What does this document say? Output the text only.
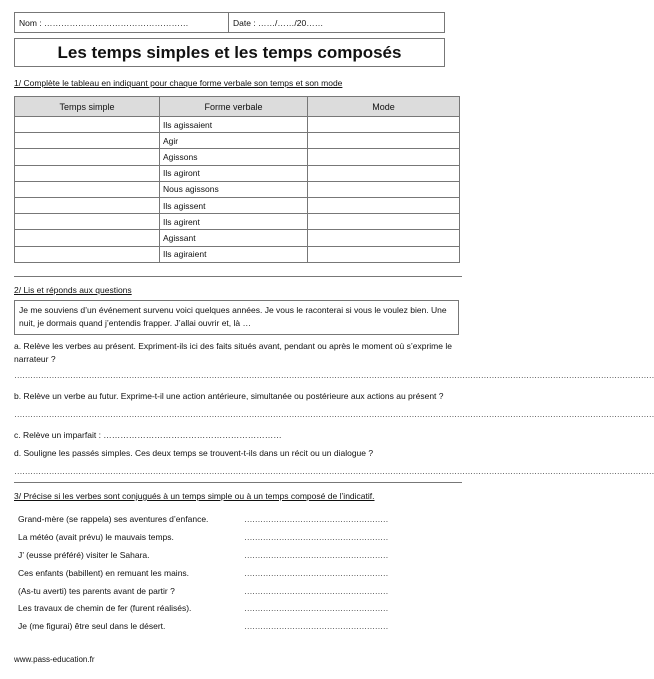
Nom : ……………………………………………	Date : ……/……/20……
Les temps simples et les temps composés
1/ Complète le tableau en indiquant pour chaque forme verbale son temps et son mode
Temps simple	Forme verbale	Mode
	Ils agissaient	
	Agir	
	Agissons	
	Ils agiront	
	Nous agissons	
	Ils agissent	
	Ils agirent	
	Agissant	
	Ils agiraient	
2/ Lis et réponds aux questions
Je me souviens d’un événement survenu voici quelques années. Je vous le raconterai si vous le voulez bien. Une nuit, je dormais quand j’entendis frapper. J’allai ouvrir et, là …
a. Relève les verbes au présent. Expriment-ils ici des faits situés avant, pendant ou après le moment où s’exprime le narrateur ?
……………………………………………………………………………………………………………………………………………………………………………………………………………………
b. Relève un verbe au futur. Exprime-t-il une action antérieure, simultanée ou postérieure aux actions au présent ?
……………………………………………………………………………………………………………………………………………………………………………………………………………………
c. Relève un imparfait : ………………………………………………………
d. Souligne les passés simples. Ces deux temps se trouvent-t-ils dans un récit ou un dialogue ?
……………………………………………………………………………………………………………………………………………………………………………………………………………………
3/ Précise si les verbes sont conjugués à un temps simple ou à un temps composé de l’indicatif.
Grand-mère (se rappela) ses aventures d’enfance.	………………………………………………
La météo (avait prévu) le mauvais temps.	………………………………………………
J’ (eusse préféré) visiter le Sahara.	………………………………………………
Ces enfants (babillent) en remuant les mains.	………………………………………………
(As-tu averti) tes parents avant de partir ?	………………………………………………
Les travaux de chemin de fer (furent réalisés).	………………………………………………
Je (me figurai) être seul dans le désert.	………………………………………………
www.pass-education.fr
